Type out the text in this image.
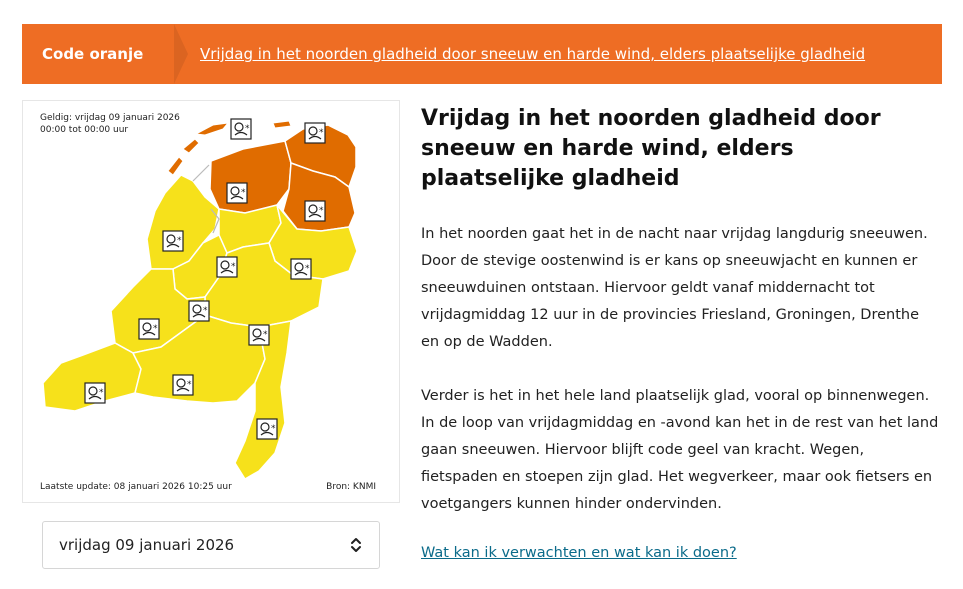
Code oranje	Vrijdag in het noorden gladheid door sneeuw en harde wind, elders plaatselijke gladheid
*	*
*
*
*
*	*
*
*
*
*
*
*
Geldig: vrijdag 09 januari 2026
00:00 tot 00:00 uur
Laatste update: 08 januari 2026 10:25 uur	Bron: KNMI
vrijdag 09 januari 2026
Vrijdag in het noorden gladheid door sneeuw en harde wind, elders plaatselijke gladheid

In het noorden gaat het in de nacht naar vrijdag langdurig sneeuwen. Door de stevige oostenwind is er kans op sneeuwjacht en kunnen er sneeuwduinen ontstaan. Hiervoor geldt vanaf middernacht tot vrijdagmiddag 12 uur in de provincies Friesland, Groningen, Drenthe en op de Wadden.

Verder is het in het hele land plaatselijk glad, vooral op binnenwegen. In de loop van vrijdagmiddag en -avond kan het in de rest van het land gaan sneeuwen. Hiervoor blijft code geel van kracht. Wegen, fietspaden en stoepen zijn glad. Het wegverkeer, maar ook fietsers en voetgangers kunnen hinder ondervinden.

Wat kan ik verwachten en wat kan ik doen?
